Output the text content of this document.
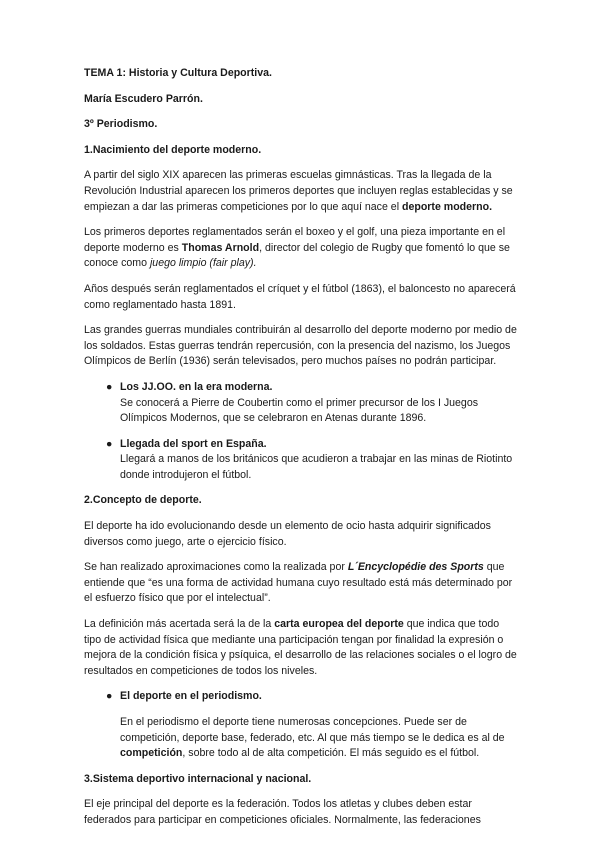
TEMA 1: Historia y Cultura Deportiva.

María Escudero Parrón.

3º Periodismo.

1.Nacimiento del deporte moderno.

A partir del siglo XIX aparecen las primeras escuelas gimnásticas. Tras la llegada de la Revolución Industrial aparecen los primeros deportes que incluyen reglas establecidas y se empiezan a dar las primeras competiciones por lo que aquí nace el deporte moderno.

Los primeros deportes reglamentados serán el boxeo y el golf, una pieza importante en el deporte moderno es Thomas Arnold, director del colegio de Rugby que fomentó lo que se conoce como juego limpio (fair play).

Años después serán reglamentados el críquet y el fútbol (1863), el baloncesto no aparecerá como reglamentado hasta 1891.

Las grandes guerras mundiales contribuirán al desarrollo del deporte moderno por medio de los soldados. Estas guerras tendrán repercusión, con la presencia del nazismo, los Juegos Olímpicos de Berlín (1936) serán televisados, pero muchos países no podrán participar.

● Los JJ.OO. en la era moderna.
Se conocerá a Pierre de Coubertin como el primer precursor de los I Juegos Olímpicos Modernos, que se celebraron en Atenas durante 1896.
● Llegada del sport en España.
Llegará a manos de los británicos que acudieron a trabajar en las minas de Riotinto donde introdujeron el fútbol.

2.Concepto de deporte.

El deporte ha ido evolucionando desde un elemento de ocio hasta adquirir significados diversos como juego, arte o ejercicio físico.

Se han realizado aproximaciones como la realizada por L´Encyclopédie des Sports que entiende que “es una forma de actividad humana cuyo resultado está más determinado por el esfuerzo físico que por el intelectual”.

La definición más acertada será la de la carta europea del deporte que indica que todo tipo de actividad física que mediante una participación tengan por finalidad la expresión o mejora de la condición física y psíquica, el desarrollo de las relaciones sociales o el logro de resultados en competiciones de todos los niveles.

● El deporte en el periodismo.

En el periodismo el deporte tiene numerosas concepciones. Puede ser de competición, deporte base, federado, etc. Al que más tiempo se le dedica es al de competición, sobre todo al de alta competición. El más seguido es el fútbol.

3.Sistema deportivo internacional y nacional.

El eje principal del deporte es la federación. Todos los atletas y clubes deben estar federados para participar en competiciones oficiales. Normalmente, las federaciones
